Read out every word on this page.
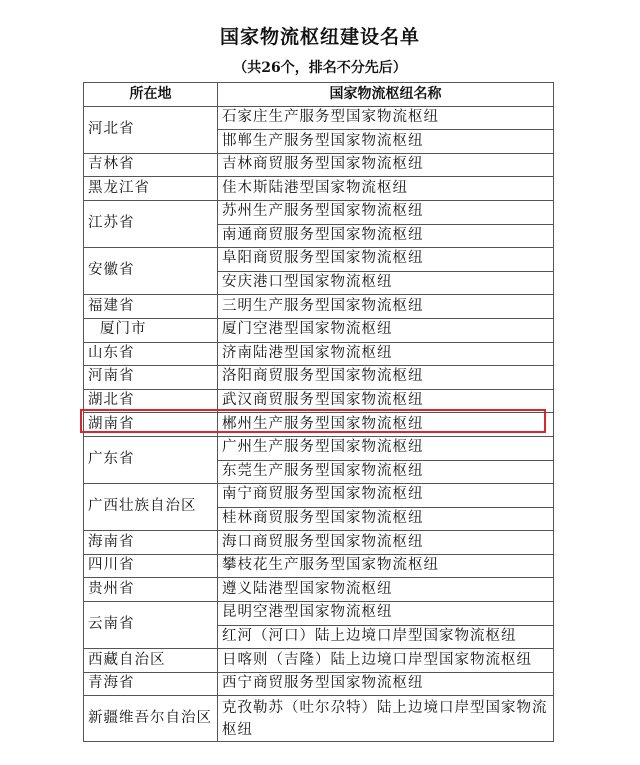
国家物流枢纽建设名单
（共26个，排名不分先后）
所在地	国家物流枢纽名称
河北省	石家庄生产服务型国家物流枢纽
	邯郸生产服务型国家物流枢纽
吉林省	吉林商贸服务型国家物流枢纽
黑龙江省	佳木斯陆港型国家物流枢纽
江苏省	苏州生产服务型国家物流枢纽
	南通商贸服务型国家物流枢纽
安徽省	阜阳商贸服务型国家物流枢纽
	安庆港口型国家物流枢纽
福建省	三明生产服务型国家物流枢纽
厦门市	厦门空港型国家物流枢纽
山东省	济南陆港型国家物流枢纽
河南省	洛阳商贸服务型国家物流枢纽
湖北省	武汉商贸服务型国家物流枢纽
湖南省	郴州生产服务型国家物流枢纽
广东省	广州生产服务型国家物流枢纽
	东莞生产服务型国家物流枢纽
广西壮族自治区	南宁商贸服务型国家物流枢纽
	桂林商贸服务型国家物流枢纽
海南省	海口商贸服务型国家物流枢纽
四川省	攀枝花生产服务型国家物流枢纽
贵州省	遵义陆港型国家物流枢纽
云南省	昆明空港型国家物流枢纽
	红河（河口）陆上边境口岸型国家物流枢纽
西藏自治区	日喀则（吉隆）陆上边境口岸型国家物流枢纽
青海省	西宁商贸服务型国家物流枢纽
新疆维吾尔自治区	克孜勒苏（吐尔尕特）陆上边境口岸型国家物流枢纽
